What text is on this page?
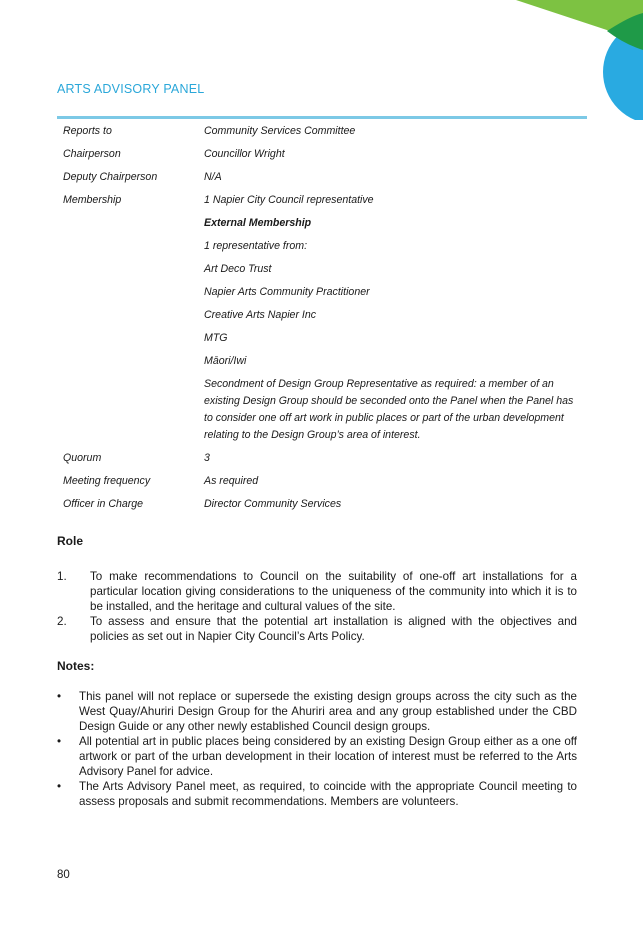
ARTS ADVISORY PANEL
Reports to	Community Services Committee
Chairperson	Councillor Wright
Deputy Chairperson	N/A
Membership	1 Napier City Council representative
External Membership
1 representative from:
Art Deco Trust
Napier Arts Community Practitioner
Creative Arts Napier Inc
MTG
Māori/Iwi
Secondment of Design Group Representative as required: a member of an existing Design Group should be seconded onto the Panel when the Panel has to consider one off art work in public places or part of the urban development relating to the Design Group’s area of interest.
Quorum	3
Meeting frequency	As required
Officer in Charge	Director Community Services
Role
1.	To make recommendations to Council on the suitability of one-off art installations for a particular location giving considerations to the uniqueness of the community into which it is to be installed, and the heritage and cultural values of the site.
2.	To assess and ensure that the potential art installation is aligned with the objectives and policies as set out in Napier City Council’s Arts Policy.
Notes:
•	This panel will not replace or supersede the existing design groups across the city such as the West Quay/Ahuriri Design Group for the Ahuriri area and any group established under the CBD Design Guide or any other newly established Council design groups.
•	All potential art in public places being considered by an existing Design Group either as a one off artwork or part of the urban development in their location of interest must be referred to the Arts Advisory Panel for advice.
•	The Arts Advisory Panel meet, as required, to coincide with the appropriate Council meeting to assess proposals and submit recommendations. Members are volunteers.
80
